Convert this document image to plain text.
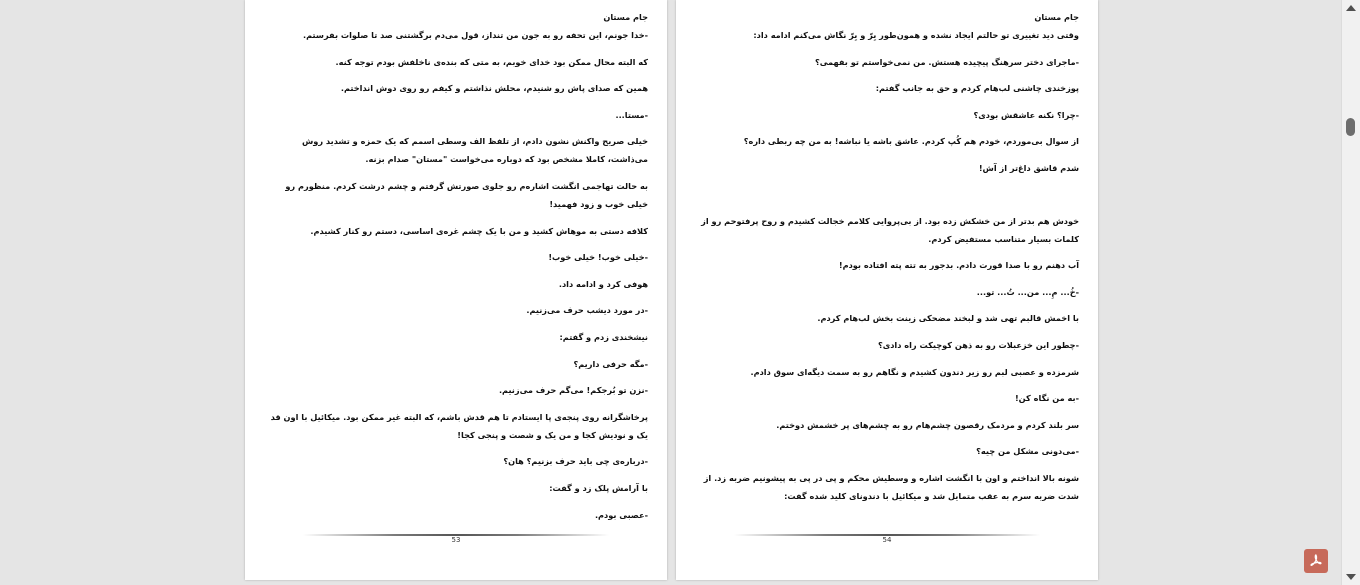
جام مستان

-خدا جونم، این تحفه رو به جون من تنداز، قول می‌دم برگشتنی صد تا صلوات بفرستم.

که البته محال ممکن بود خدای خوبم، به متی که بنده‌ی ناخلفش بودم توجه کنه.

همین که صدای پاش رو شنیدم، محلش نذاشتم و کیفم رو روی دوش انداختم.

-مستا...

خیلی صریح واکنش نشون دادم، از تلفظ الف وسطی اسمم که یک حمزه و تشدید روش می‌ذاشت، کاملا مشخص بود که دوباره می‌خواست "مستان" صدام بزنه.

به حالت تهاجمی انگشت اشاره‌م رو جلوی صورتش گرفتم و چشم درشت کردم. منظورم رو خیلی خوب و زود فهمید!

کلافه دستی به موهاش کشید و من با یک چشم غره‌ی اساسی، دستم رو کنار کشیدم.

-خیلی خوب! خیلی خوب!

هوفی کرد و ادامه داد.

-در مورد دیشب حرف می‌زنیم.

نیشخندی زدم و گفتم:

-مگه حرفی داریم؟

-نزن تو بُرجکم! می‌گم حرف می‌زنیم.

پرخاشگرانه روی پنجه‌ی پا ایستادم تا هم قدش باشم، که البته غیر ممکن بود. میکائیل با اون قد یک و نودیش کجا و من یک و شصت و پنجی کجا!

-درباره‌ی چی باید حرف بزنیم؟ هان؟

با آرامش پلک زد و گفت:

-عصبی بودم.

53

جام مستان

وقتی دید تغییری تو حالتم ایجاد نشده و همون‌طور بِرّ و بِرّ نگاش می‌کنم ادامه داد:

-ماجرای دختر سرهنگ پیچیده هستش. من نمی‌خواستم تو بفهمی؟

پوزخندی چاشنی لب‌هام کردم و حق به جانب گفتم:

-چرا؟ نکنه عاشقش بودی؟

از سوال بی‌موردم، خودم هم کُپ کردم. عاشق باشه یا نباشه! به من چه ربطی داره؟

شدم قاشق داغ‌تر از آش!

خودش هم بدتر از من خشکش زده بود. از بی‌پروایی کلامم خجالت کشیدم و روح پرفتوحم رو از کلمات بسیار متناسب مستفیض کردم.

آب دهنم رو با صدا قورت دادم. بدجور به تته پته افتاده بودم!

-خُ... مِ... من... تُ... تو...

با اخمش قالبم تهی شد و لبخند مضحکی زینت بخش لب‌هام کردم.

-چطور این خزعبلات رو به ذهن کوچیکت راه دادی؟

شرمزده و عصبی لبم رو زیر دندون کشیدم و نگاهم رو به سمت دیگه‌ای سوق دادم.

-به من نگاه کن!

سر بلند کردم و مردمک رقصون چشم‌هام رو به چشم‌های پر خشمش دوختم.

-می‌دونی مشکل من چیه؟

شونه بالا انداختم و اون با انگشت اشاره و وسطیش محکم و پی در پی به پیشونیم ضربه زد. از شدت ضربه سرم به عقب متمایل شد و میکائیل با دندونای کلید شده گفت:

54
